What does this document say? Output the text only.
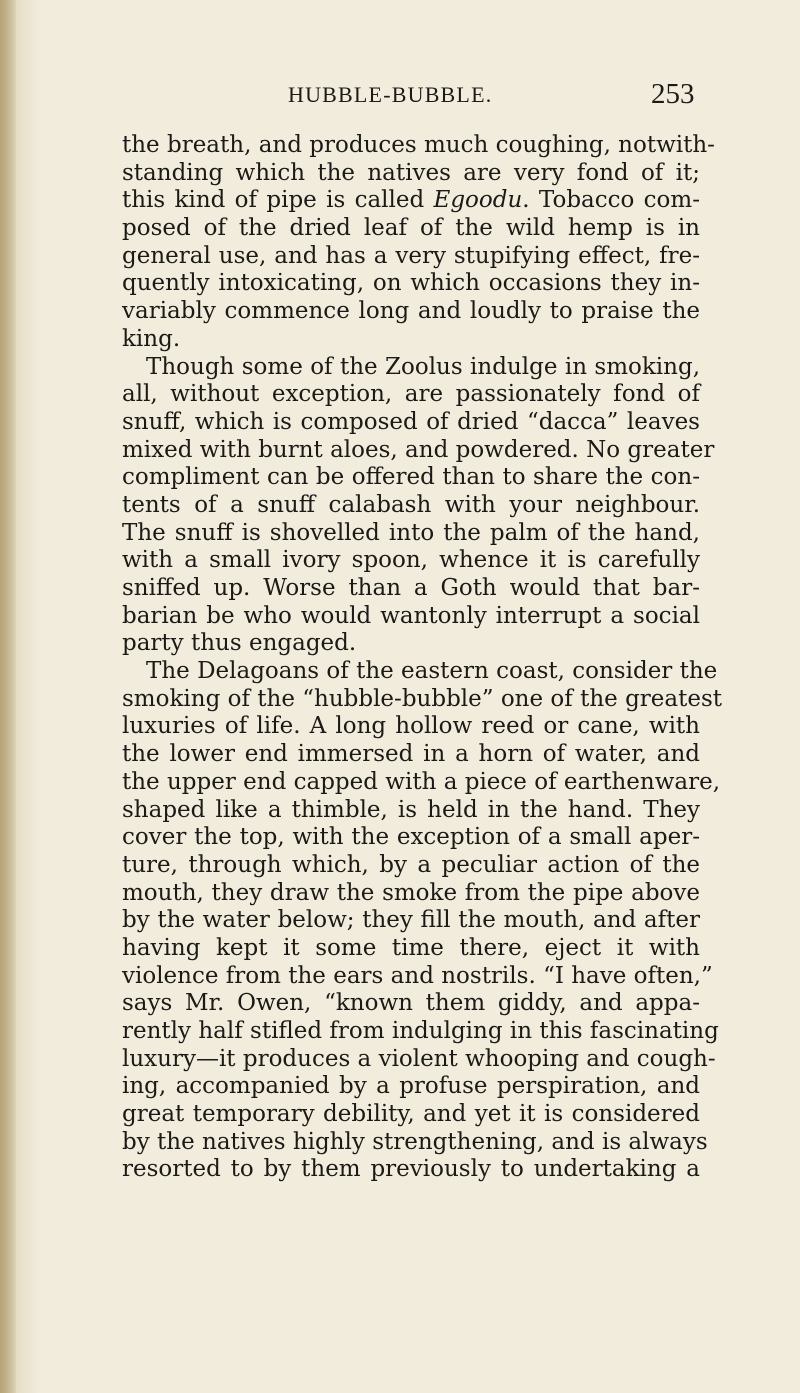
HUBBLE-BUBBLE.	253
the breath, and produces much coughing, notwith-
standing which the natives are very fond of it;
this kind of pipe is called Egoodu. Tobacco com-
posed of the dried leaf of the wild hemp is in
general use, and has a very stupifying effect, fre-
quently intoxicating, on which occasions they in-
variably commence long and loudly to praise the
king.
Though some of the Zoolus indulge in smoking,
all, without exception, are passionately fond of
snuff, which is composed of dried “dacca” leaves
mixed with burnt aloes, and powdered. No greater
compliment can be offered than to share the con-
tents of a snuff calabash with your neighbour.
The snuff is shovelled into the palm of the hand,
with a small ivory spoon, whence it is carefully
sniffed up. Worse than a Goth would that bar-
barian be who would wantonly interrupt a social
party thus engaged.
The Delagoans of the eastern coast, consider the
smoking of the “hubble-bubble” one of the greatest
luxuries of life. A long hollow reed or cane, with
the lower end immersed in a horn of water, and
the upper end capped with a piece of earthenware,
shaped like a thimble, is held in the hand. They
cover the top, with the exception of a small aper-
ture, through which, by a peculiar action of the
mouth, they draw the smoke from the pipe above
by the water below; they fill the mouth, and after
having kept it some time there, eject it with
violence from the ears and nostrils. “I have often,”
says Mr. Owen, “known them giddy, and appa-
rently half stifled from indulging in this fascinating
luxury—it produces a violent whooping and cough-
ing, accompanied by a profuse perspiration, and
great temporary debility, and yet it is considered
by the natives highly strengthening, and is always
resorted to by them previously to undertaking a
